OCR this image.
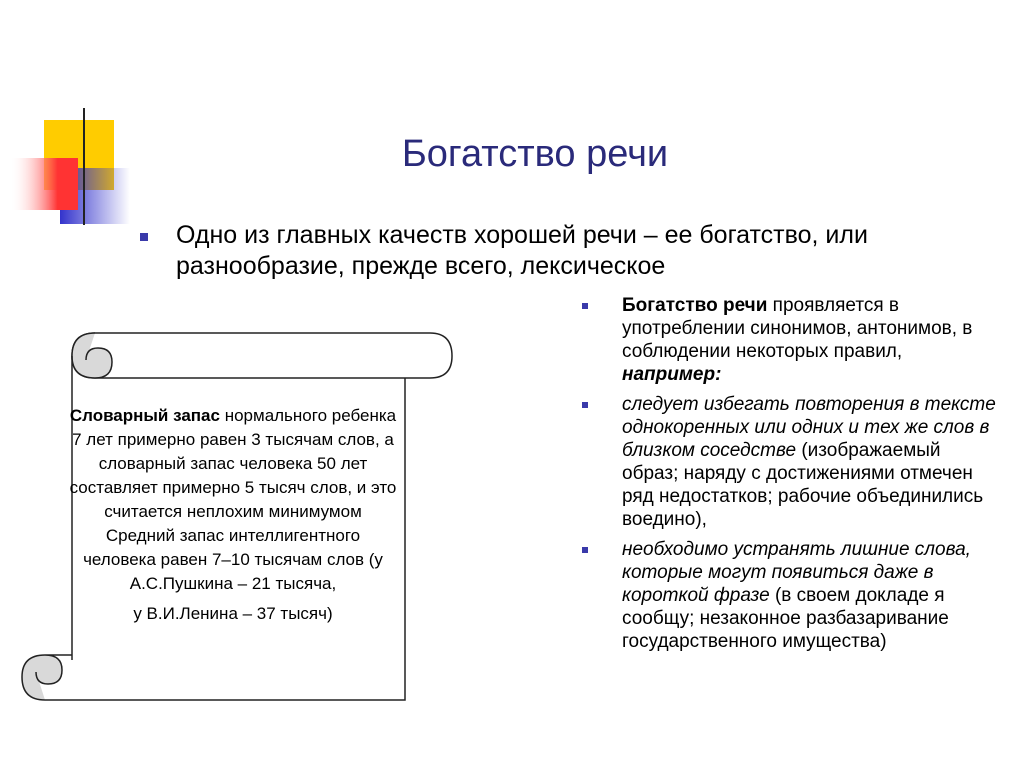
Богатство речи
Одно из главных качеств хорошей речи – ее богатство, или разнообразие, прежде всего, лексическое
Словарный запас нормального ребенка 7 лет примерно равен 3 тысячам слов, а словарный запас человека 50 лет составляет примерно 5 тысяч слов, и это считается неплохим минимумом Средний запас интеллигентного человека равен 7–10 тысячам слов (у А.С.Пушкина – 21 тысяча,
у В.И.Ленина – 37 тысяч)
Богатство речи проявляется в употреблении синонимов, антонимов, в соблюдении некоторых правил, например:
следует избегать повторения в тексте однокоренных или одних и тех же слов в близком соседстве (изображаемый образ; наряду с достижениями отмечен ряд недостатков; рабочие объединились воедино),
необходимо устранять лишние слова, которые могут появиться даже в короткой фразе (в своем докладе я сообщу; незаконное разбазаривание государственного имущества)
